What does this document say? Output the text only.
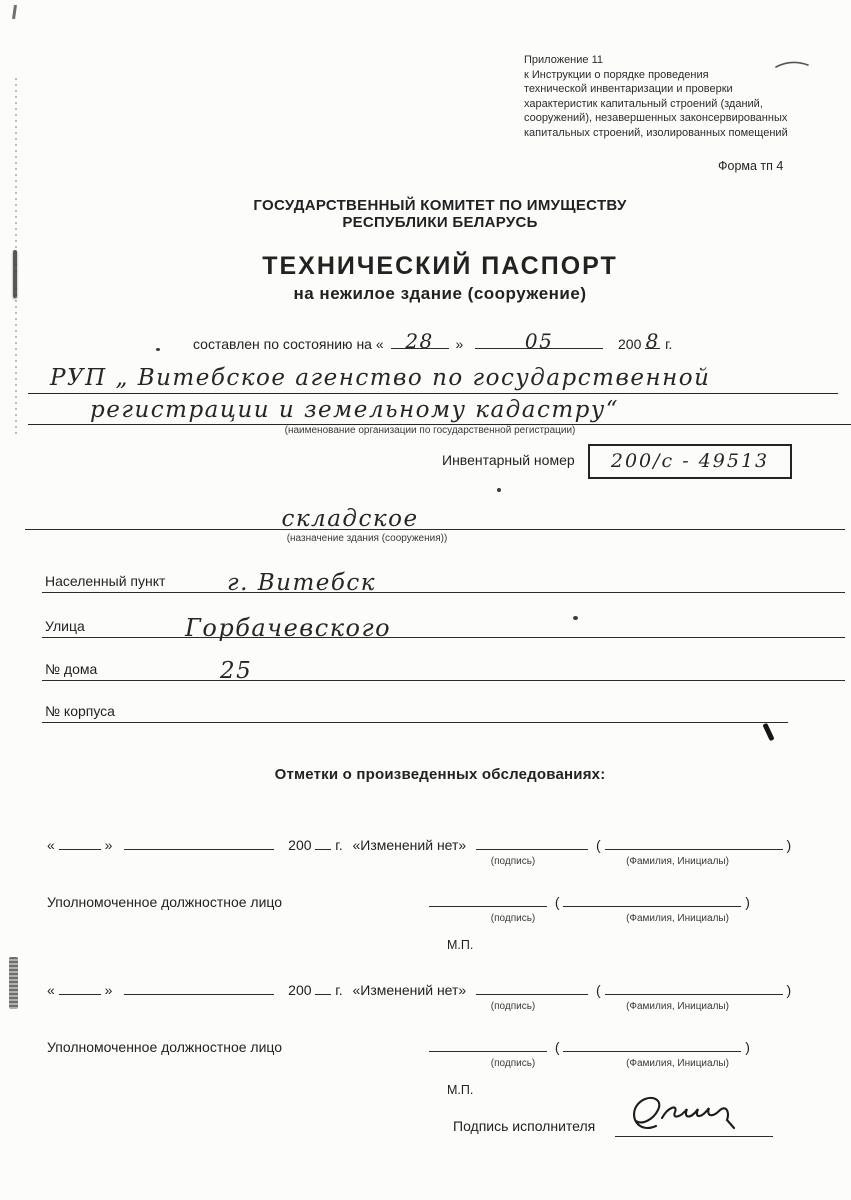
Приложение 11
к Инструкции о порядке проведения
технической инвентаризации и проверки
характеристик капитальный строений (зданий,
сооружений), незавершенных законсервированных
капитальных строений, изолированных помещений
Форма тп 4
ГОСУДАРСТВЕННЫЙ КОМИТЕТ ПО ИМУЩЕСТВУ
РЕСПУБЛИКИ БЕЛАРУСЬ
ТЕХНИЧЕСКИЙ ПАСПОРТ
на нежилое здание (сооружение)
составлен по состоянию на «	28	»	05	200 8 г.
РУП „ Витебское агенство по государственной
регистрации и земельному кадастру“
(наименование организации по государственной регистрации)
Инвентарный номер	200/с - 49513
складское
(назначение здания (сооружения))
Населенный пункт	г. Витебск
Улица	Горбачевского
№ дома	25
№ корпуса
Отметки о произведенных обследованиях:
«	»	200 г. «Изменений нет»	(	)
(подпись)	(Фамилия, Инициалы)
Уполномоченное должностное лицо	(	)
(подпись)	(Фамилия, Инициалы)
М.П.
«	»	200 г. «Изменений нет»	(	)
(подпись)	(Фамилия, Инициалы)
Уполномоченное должностное лицо	(	)
(подпись)	(Фамилия, Инициалы)
М.П.
Подпись исполнителя
